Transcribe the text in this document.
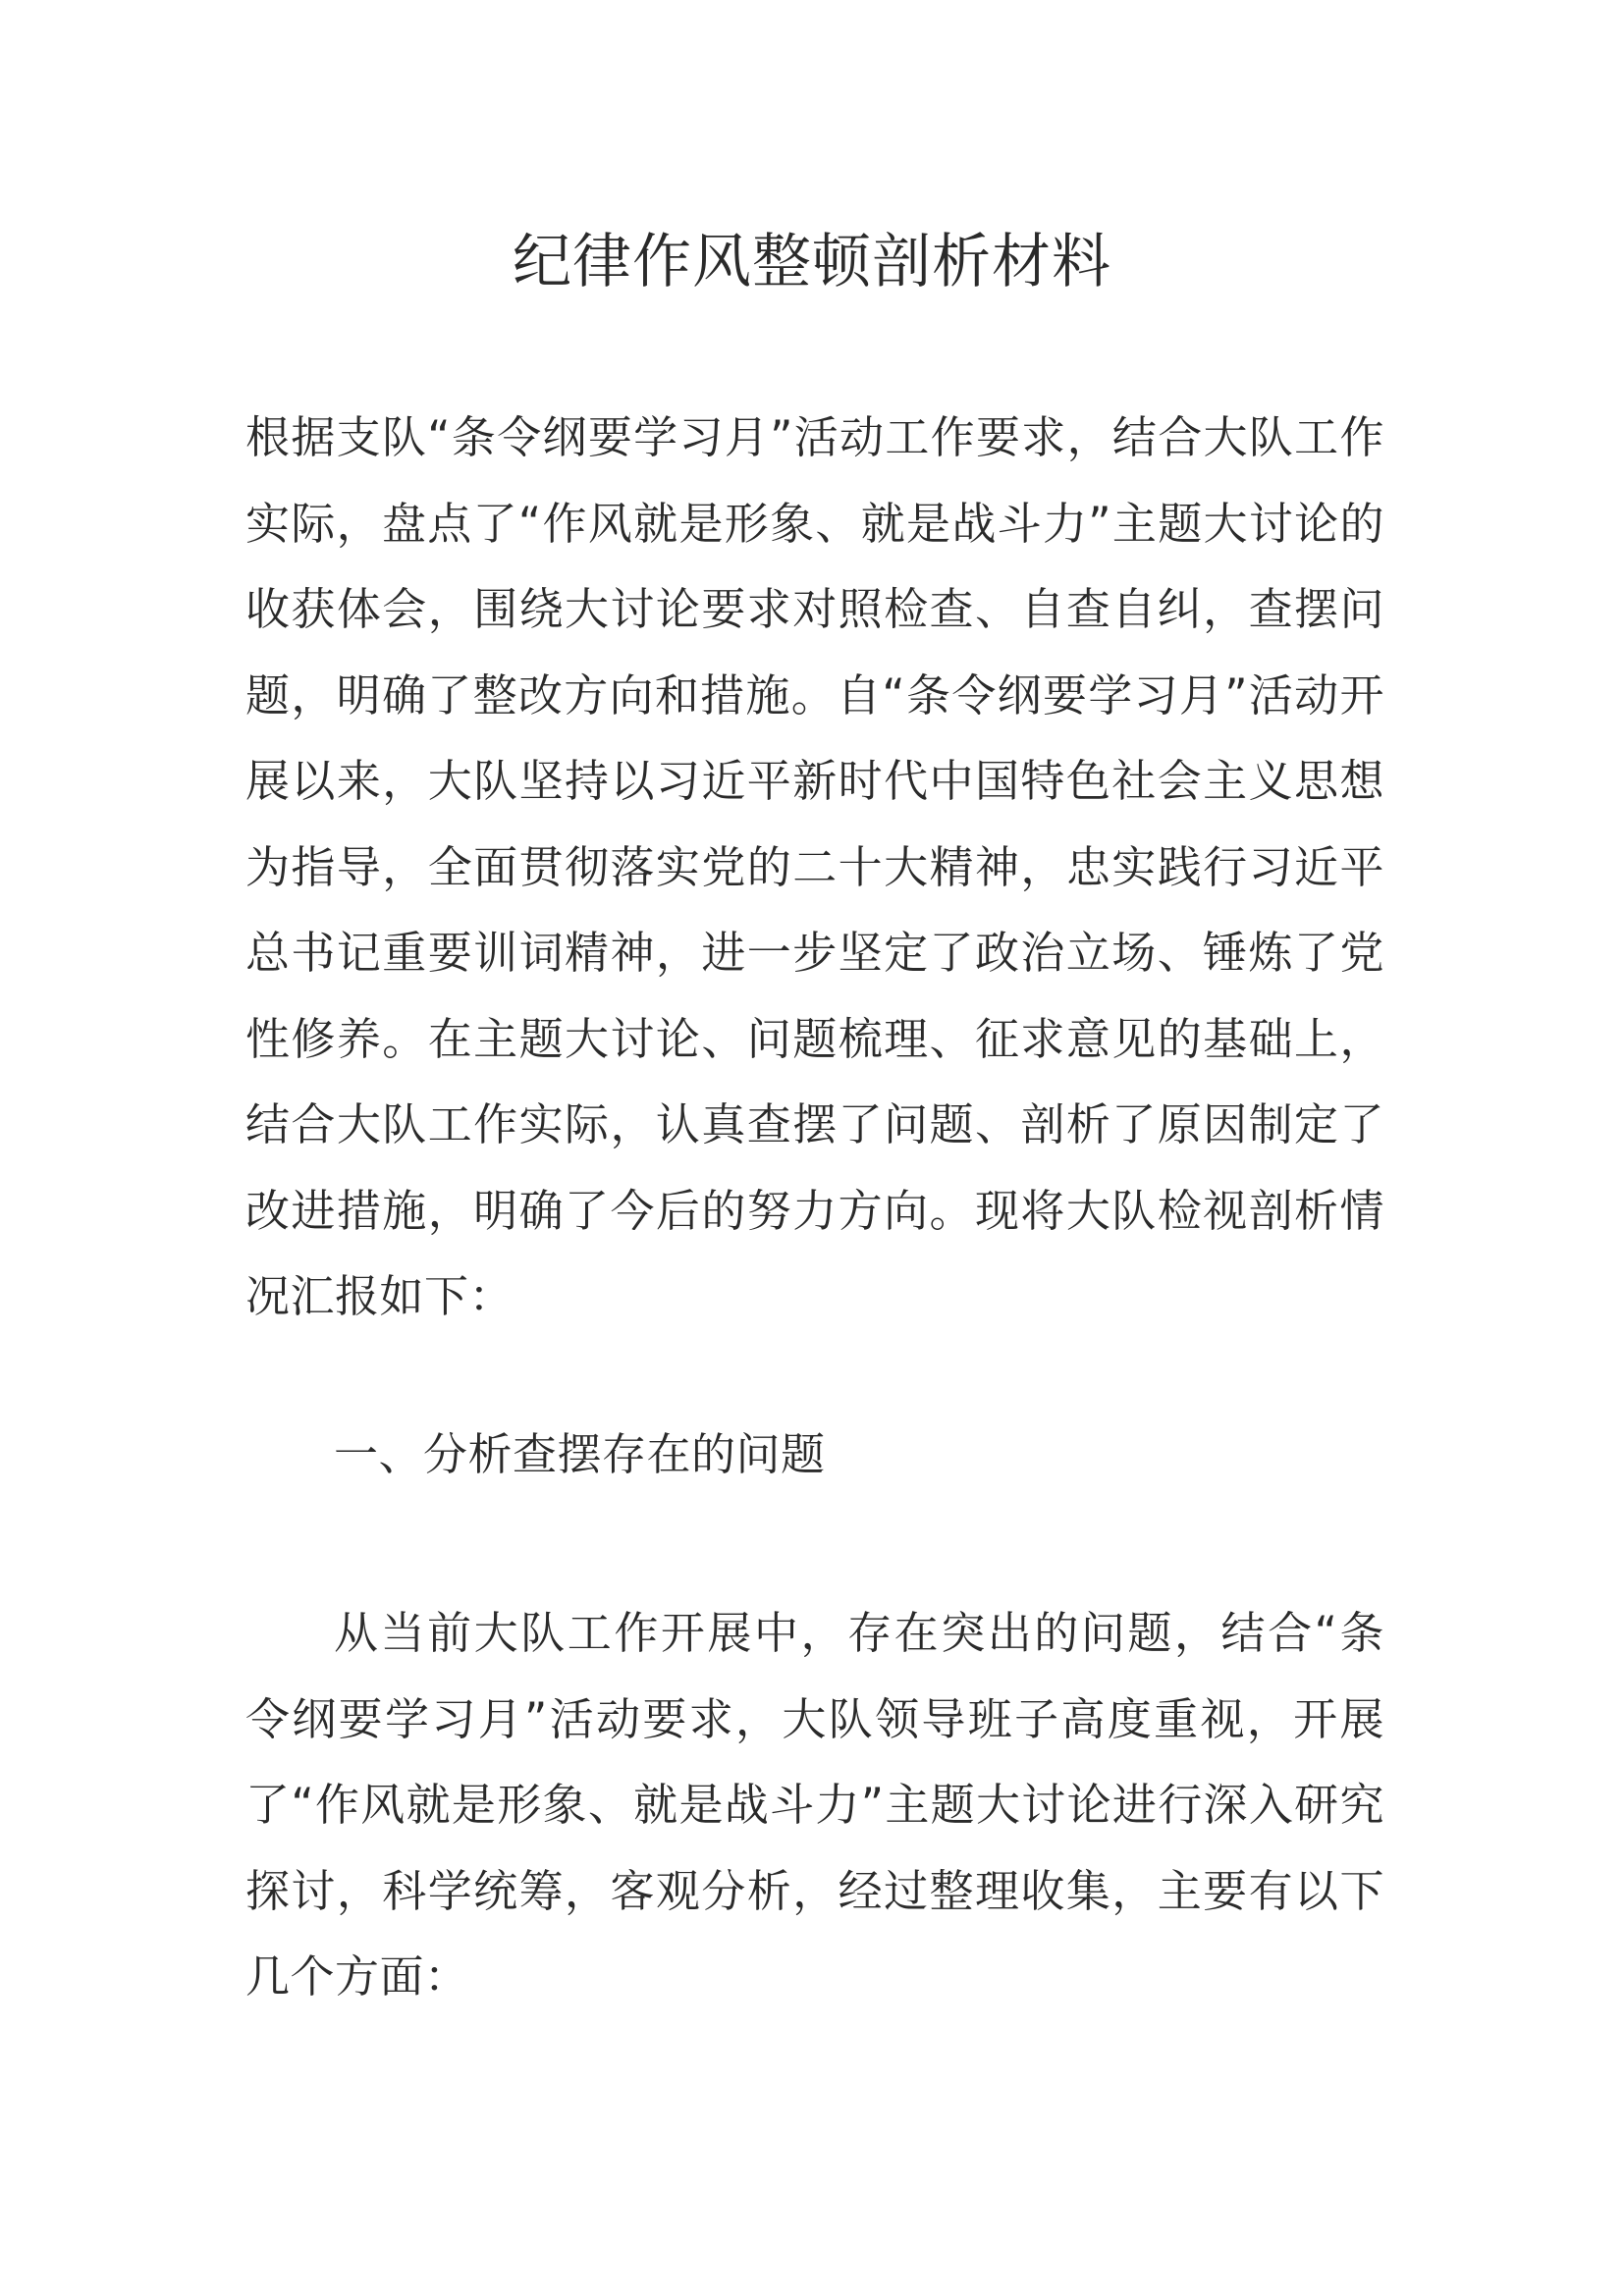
纪律作风整顿剖析材料

根据支队“条令纲要学习月”活动工作要求，结合大队工作实际，盘点了“作风就是形象、就是战斗力”主题大讨论的收获体会，围绕大讨论要求对照检查、自查自纠，查摆问题，明确了整改方向和措施。自“条令纲要学习月”活动开展以来，大队坚持以习近平新时代中国特色社会主义思想为指导，全面贯彻落实党的二十大精神，忠实践行习近平总书记重要训词精神，进一步坚定了政治立场、锤炼了党性修养。在主题大讨论、问题梳理、征求意见的基础上，结合大队工作实际，认真查摆了问题、剖析了原因制定了改进措施，明确了今后的努力方向。现将大队检视剖析情况汇报如下：

一、分析查摆存在的问题

从当前大队工作开展中，存在突出的问题，结合“条令纲要学习月”活动要求，大队领导班子高度重视，开展了“作风就是形象、就是战斗力”主题大讨论进行深入研究探讨，科学统筹，客观分析，经过整理收集，主要有以下几个方面：
